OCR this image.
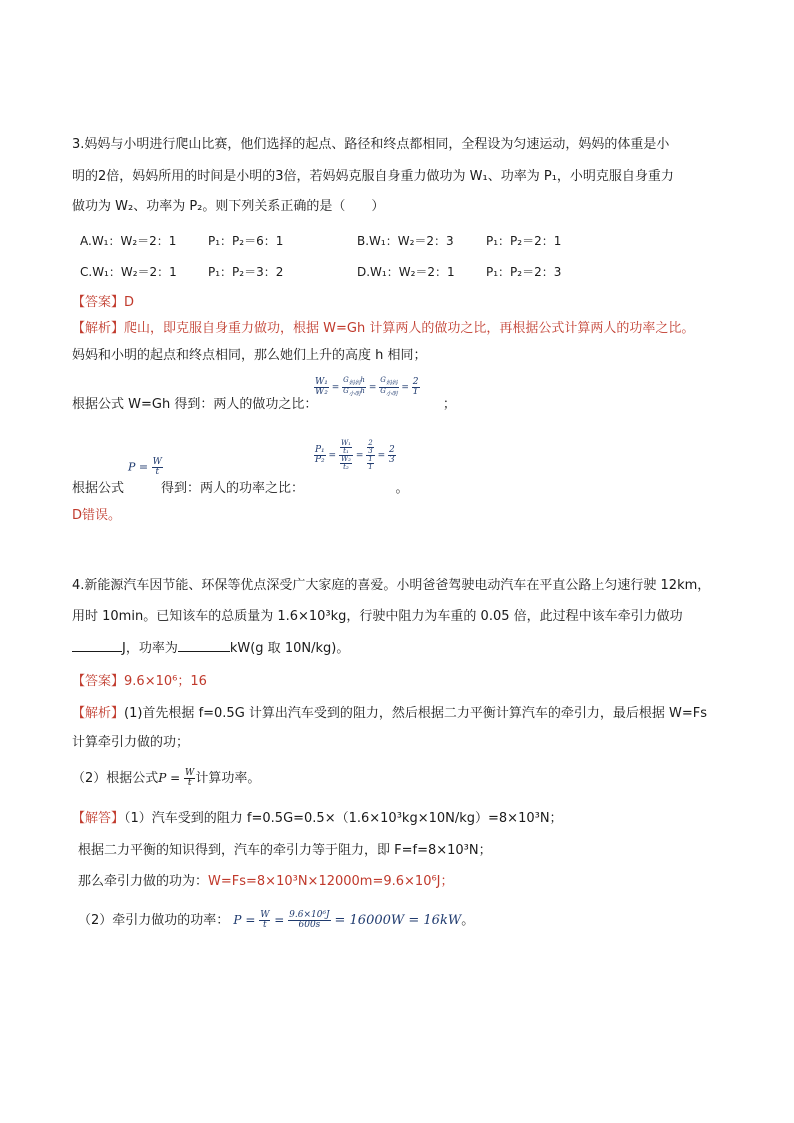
3.妈妈与小明进行爬山比赛，他们选择的起点、路径和终点都相同，全程设为匀速运动，妈妈的体重是小
明的2倍，妈妈所用的时间是小明的3倍，若妈妈克服自身重力做功为 W₁、功率为 P₁，小明克服自身重力
做功为 W₂、功率为 P₂。则下列关系正确的是（　　）
A.W₁：W₂＝2：1	P₁：P₂＝6：1	B.W₁：W₂＝2：3	P₁：P₂＝2：1
C.W₁：W₂＝2：1	P₁：P₂＝3：2	D.W₁：W₂＝2：1	P₁：P₂＝2：3
【答案】D
【解析】爬山，即克服自身重力做功，根据 W=Gh 计算两人的做功之比，再根据公式计算两人的功率之比。
妈妈和小明的起点和终点相同，那么她们上升的高度 h 相同；
根据公式 W=Gh 得到：两人的做功之比：	；
$\frac{\text{W₁}}{\text{W₂}} = \frac{G_{妈妈}h}{G_{小明}h} = \frac{G_{妈妈}}{G_{小明}} = \frac{2}{1}$
根据公式	得到：两人的功率之比：	。
$P = \frac{W}{t}$
$\frac{\text{P₁}}{\text{P₂}} = \frac{\frac{\text{W₁}}{\text{t₁}}}{\frac{\text{W₂}}{\text{t₂}}} = \frac{\frac{2}{3}}{\frac{1}{1}} = \frac{2}{3}$
D错误。
4.新能源汽车因节能、环保等优点深受广大家庭的喜爱。小明爸爸驾驶电动汽车在平直公路上匀速行驶 12km，
用时 10min。已知该车的总质量为 1.6×10³kg，行驶中阻力为车重的 0.05 倍，此过程中该车牵引力做功
J，功率为	kW(g 取 10N/kg)。
【答案】9.6×10⁶；16
【解析】(1)首先根据 f=0.5G 计算出汽车受到的阻力，然后根据二力平衡计算汽车的牵引力，最后根据 W=Fs
计算牵引力做的功；
（2）根据公式$P = \frac{W}{t}$ 计算功率。
【解答】（1）汽车受到的阻力 f=0.5G=0.5×（1.6×10³kg×10N/kg）=8×10³N；
根据二力平衡的知识得到，汽车的牵引力等于阻力，即 F=f=8×10³N；
那么牵引力做的功为：W=Fs=8×10³N×12000m=9.6×10⁶J；
（2）牵引力做功的功率： $P = \frac{W}{t} = \frac{\text{9.6×10⁶J}}{600s} = 16000W = 16kW$。
